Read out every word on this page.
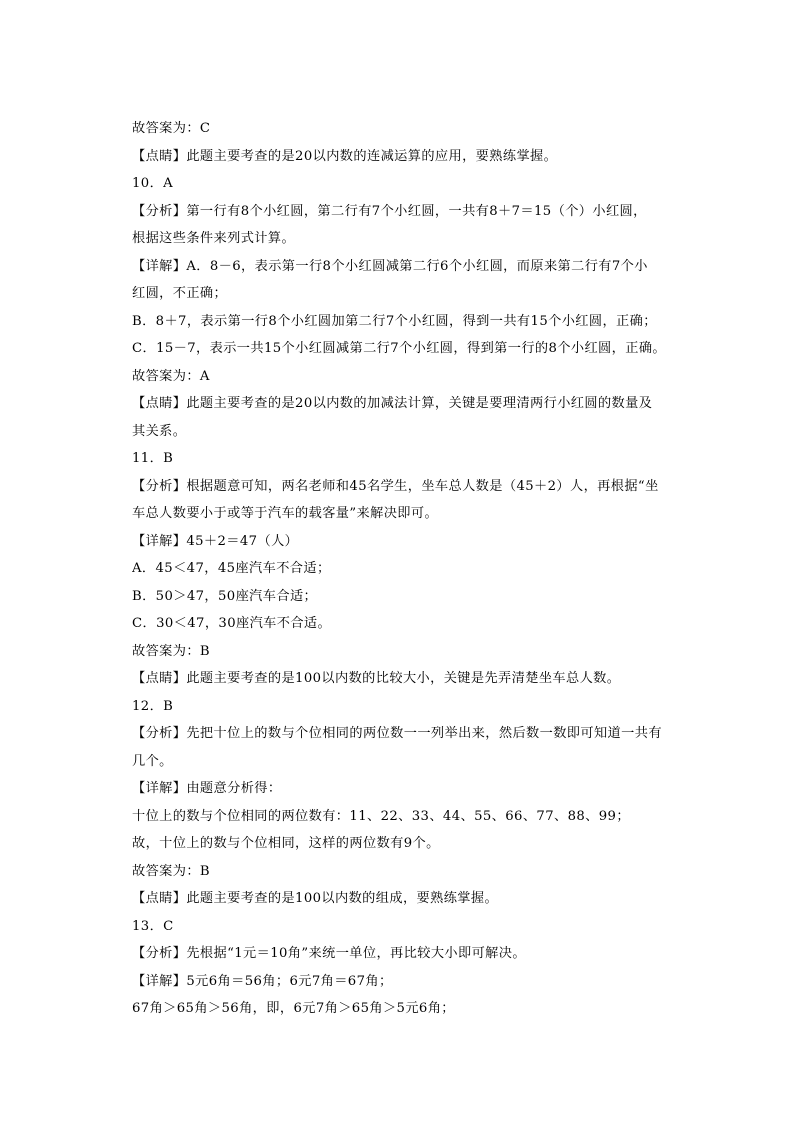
故答案为：C
【点睛】此题主要考查的是20以内数的连减运算的应用，要熟练掌握。
10．A
【分析】第一行有8个小红圆，第二行有7个小红圆，一共有8＋7＝15（个）小红圆，
根据这些条件来列式计算。
【详解】A．8－6，表示第一行8个小红圆减第二行6个小红圆，而原来第二行有7个小
红圆，不正确；
B．8＋7，表示第一行8个小红圆加第二行7个小红圆，得到一共有15个小红圆，正确；
C．15－7，表示一共15个小红圆减第二行7个小红圆，得到第一行的8个小红圆，正确。
故答案为：A
【点睛】此题主要考查的是20以内数的加减法计算，关键是要理清两行小红圆的数量及
其关系。
11．B
【分析】根据题意可知，两名老师和45名学生，坐车总人数是（45＋2）人，再根据“坐
车总人数要小于或等于汽车的载客量”来解决即可。
【详解】45＋2＝47（人）
A．45＜47，45座汽车不合适；
B．50＞47，50座汽车合适；
C．30＜47，30座汽车不合适。
故答案为：B
【点睛】此题主要考查的是100以内数的比较大小，关键是先弄清楚坐车总人数。
12．B
【分析】先把十位上的数与个位相同的两位数一一列举出来，然后数一数即可知道一共有
几个。
【详解】由题意分析得：
十位上的数与个位相同的两位数有：11、22、33、44、55、66、77、88、99；
故，十位上的数与个位相同，这样的两位数有9个。
故答案为：B
【点睛】此题主要考查的是100以内数的组成，要熟练掌握。
13．C
【分析】先根据“1元＝10角”来统一单位，再比较大小即可解决。
【详解】5元6角＝56角；6元7角＝67角；
67角＞65角＞56角，即，6元7角＞65角＞5元6角；
